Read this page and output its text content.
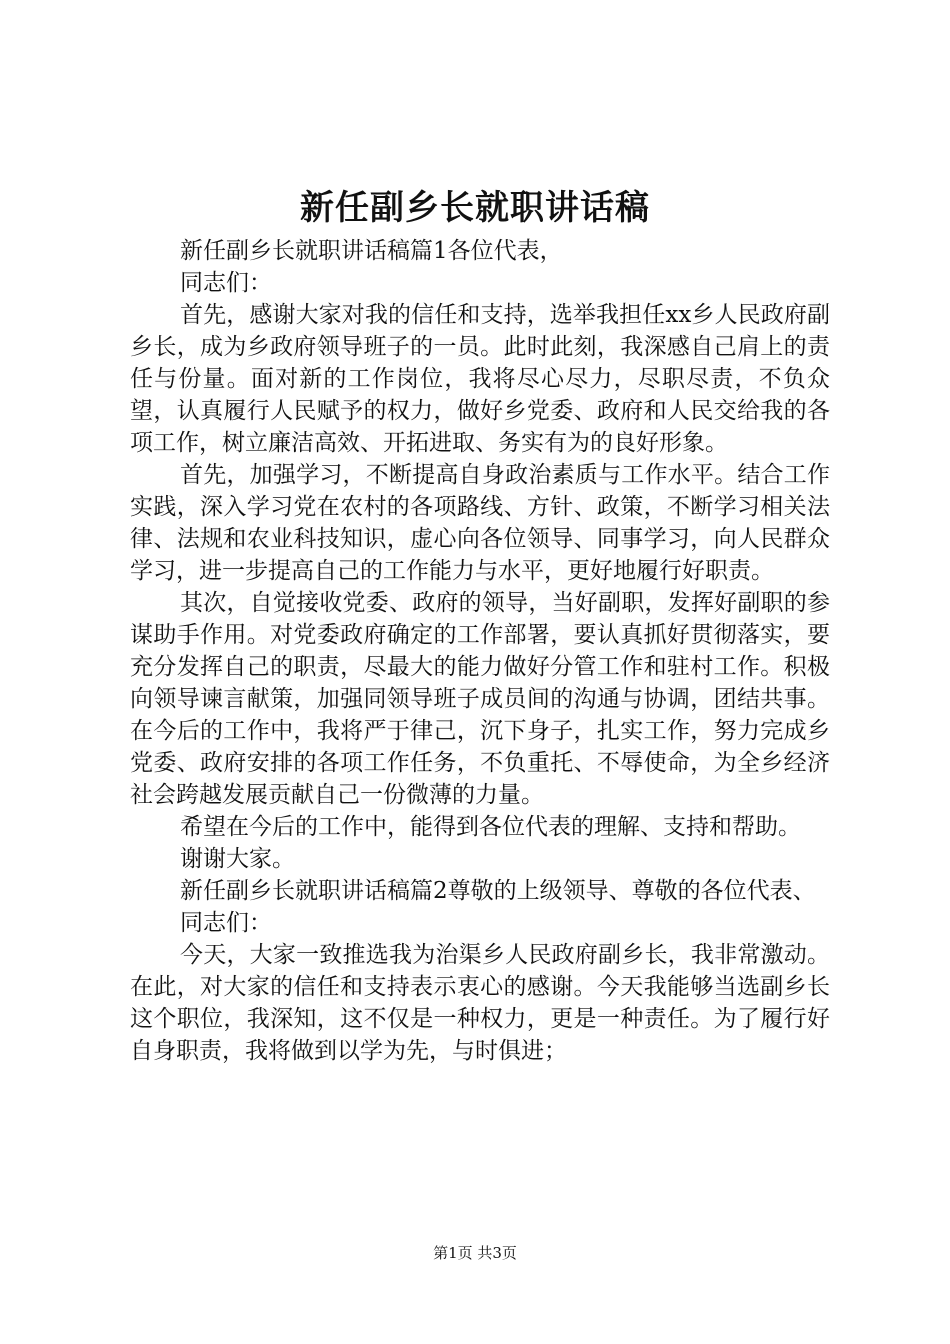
新任副乡长就职讲话稿

新任副乡长就职讲话稿篇1各位代表，

同志们：

首先，感谢大家对我的信任和支持，选举我担任xx乡人民政府副乡长，成为乡政府领导班子的一员。此时此刻，我深感自己肩上的责任与份量。面对新的工作岗位，我将尽心尽力，尽职尽责，不负众望，认真履行人民赋予的权力，做好乡党委、政府和人民交给我的各项工作，树立廉洁高效、开拓进取、务实有为的良好形象。

首先，加强学习，不断提高自身政治素质与工作水平。结合工作实践，深入学习党在农村的各项路线、方针、政策，不断学习相关法律、法规和农业科技知识，虚心向各位领导、同事学习，向人民群众学习，进一步提高自己的工作能力与水平，更好地履行好职责。

其次，自觉接收党委、政府的领导，当好副职，发挥好副职的参谋助手作用。对党委政府确定的工作部署，要认真抓好贯彻落实，要充分发挥自己的职责，尽最大的能力做好分管工作和驻村工作。积极向领导谏言献策，加强同领导班子成员间的沟通与协调，团结共事。在今后的工作中，我将严于律己，沉下身子，扎实工作，努力完成乡党委、政府安排的各项工作任务，不负重托、不辱使命，为全乡经济社会跨越发展贡献自己一份微薄的力量。

希望在今后的工作中，能得到各位代表的理解、支持和帮助。

谢谢大家。

新任副乡长就职讲话稿篇2尊敬的上级领导、尊敬的各位代表、

同志们：

今天，大家一致推选我为治渠乡人民政府副乡长，我非常激动。在此，对大家的信任和支持表示衷心的感谢。今天我能够当选副乡长这个职位，我深知，这不仅是一种权力，更是一种责任。为了履行好自身职责，我将做到以学为先，与时俱进；

第1页 共3页
